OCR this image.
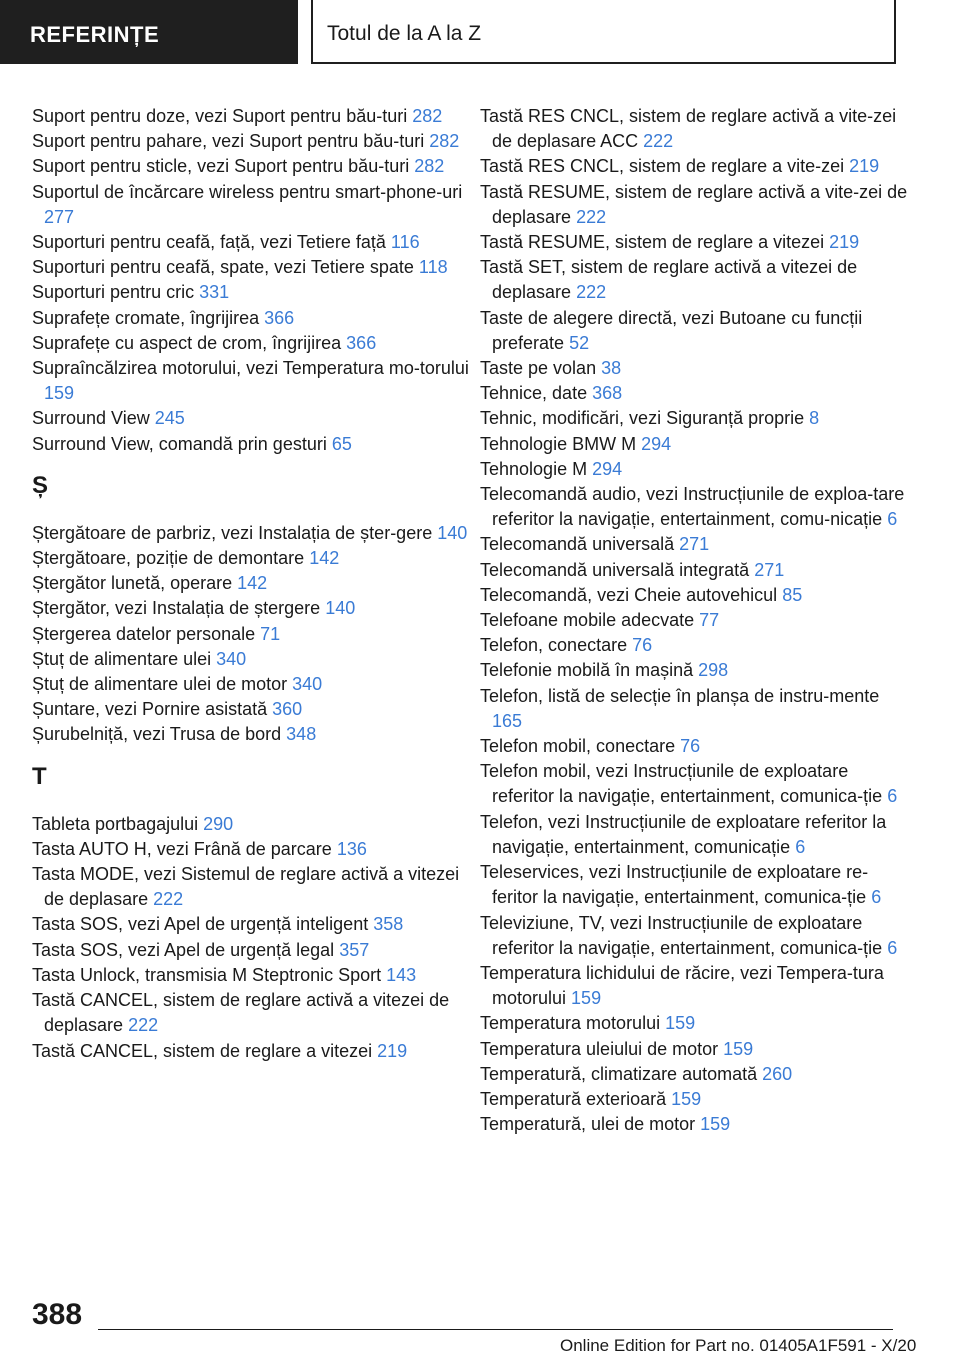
REFERINȚE	Totul de la A la Z
Suport pentru doze, vezi Suport pentru bău-turi 282
Suport pentru pahare, vezi Suport pentru bău-turi 282
Suport pentru sticle, vezi Suport pentru bău-turi 282
Suportul de încărcare wireless pentru smart-phone-uri 277
Suporturi pentru ceafă, față, vezi Tetiere față 116
Suporturi pentru ceafă, spate, vezi Tetiere spate 118
Suporturi pentru cric 331
Suprafețe cromate, îngrijirea 366
Suprafețe cu aspect de crom, îngrijirea 366
Supraîncălzirea motorului, vezi Temperatura mo-torului 159
Surround View 245
Surround View, comandă prin gesturi 65
Ș
Ștergătoare de parbriz, vezi Instalația de șter-gere 140
Ștergătoare, poziție de demontare 142
Ștergător lunetă, operare 142
Ștergător, vezi Instalația de ștergere 140
Ștergerea datelor personale 71
Ștuț de alimentare ulei 340
Ștuț de alimentare ulei de motor 340
Șuntare, vezi Pornire asistată 360
Șurubelniță, vezi Trusa de bord 348
T
Tableta portbagajului 290
Tasta AUTO H, vezi Frână de parcare 136
Tasta MODE, vezi Sistemul de reglare activă a vitezei de deplasare 222
Tasta SOS, vezi Apel de urgență inteligent 358
Tasta SOS, vezi Apel de urgență legal 357
Tasta Unlock, transmisia M Steptronic Sport 143
Tastă CANCEL, sistem de reglare activă a vitezei de deplasare 222
Tastă CANCEL, sistem de reglare a vitezei 219
Tastă RES CNCL, sistem de reglare activă a vite-zei de deplasare ACC 222
Tastă RES CNCL, sistem de reglare a vite-zei 219
Tastă RESUME, sistem de reglare activă a vite-zei de deplasare 222
Tastă RESUME, sistem de reglare a vitezei 219
Tastă SET, sistem de reglare activă a vitezei de deplasare 222
Taste de alegere directă, vezi Butoane cu funcții preferate 52
Taste pe volan 38
Tehnice, date 368
Tehnic, modificări, vezi Siguranță proprie 8
Tehnologie BMW M 294
Tehnologie M 294
Telecomandă audio, vezi Instrucțiunile de exploa-tare referitor la navigație, entertainment, comu-nicație 6
Telecomandă universală 271
Telecomandă universală integrată 271
Telecomandă, vezi Cheie autovehicul 85
Telefoane mobile adecvate 77
Telefon, conectare 76
Telefonie mobilă în mașină 298
Telefon, listă de selecție în planșa de instru-mente 165
Telefon mobil, conectare 76
Telefon mobil, vezi Instrucțiunile de exploatare referitor la navigație, entertainment, comunica-ție 6
Telefon, vezi Instrucțiunile de exploatare referitor la navigație, entertainment, comunicație 6
Teleservices, vezi Instrucțiunile de exploatare re-feritor la navigație, entertainment, comunica-ție 6
Televiziune, TV, vezi Instrucțiunile de exploatare referitor la navigație, entertainment, comunica-ție 6
Temperatura lichidului de răcire, vezi Tempera-tura motorului 159
Temperatura motorului 159
Temperatura uleiului de motor 159
Temperatură, climatizare automată 260
Temperatură exterioară 159
Temperatură, ulei de motor 159
388
Online Edition for Part no. 01405A1F591 - X/20
